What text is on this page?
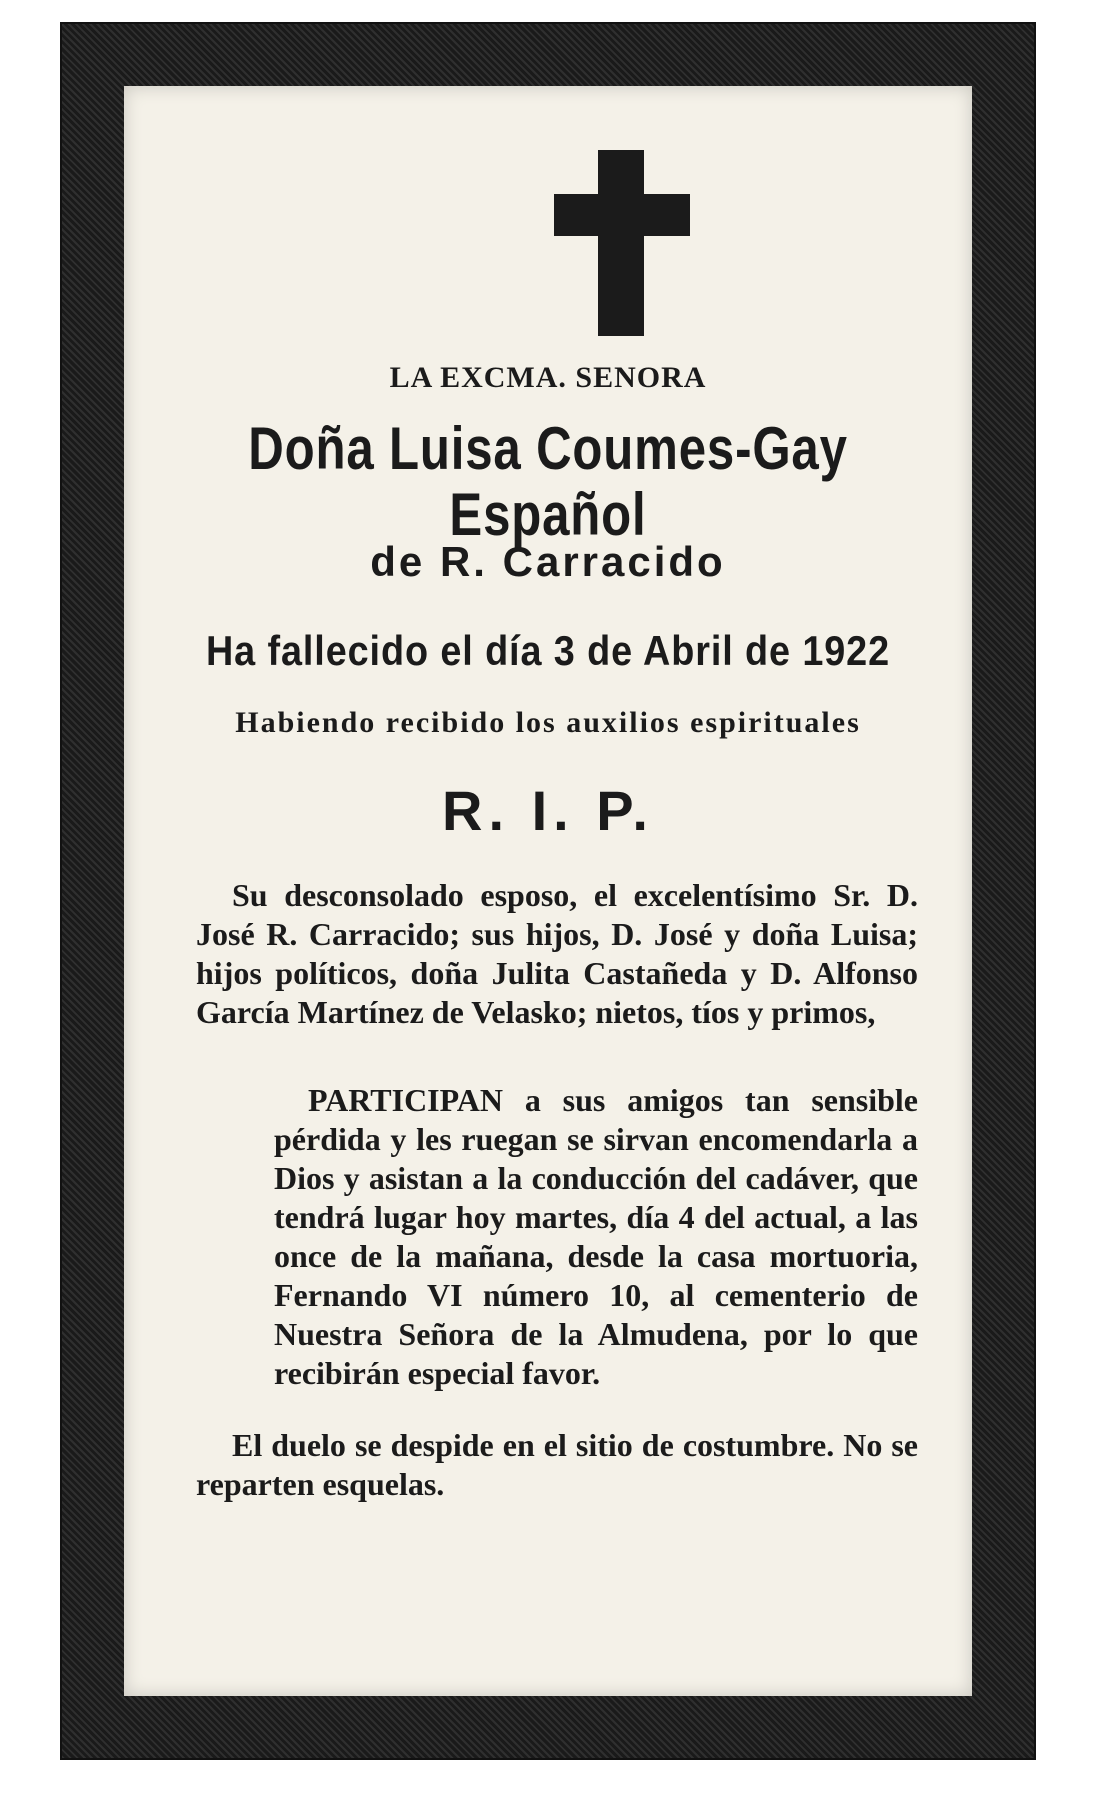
LA EXCMA. SENORA
Doña Luisa Coumes-Gay Español
de R. Carracido
Ha fallecido el día 3 de Abril de 1922
Habiendo recibido los auxilios espirituales
R. I. P.
Su desconsolado esposo, el excelentísimo Sr. D. José R. Carracido; sus hijos, D. José y doña Luisa; hijos políticos, doña Julita Castañeda y D. Alfonso García Martínez de Velasko; nietos, tíos y primos,
PARTICIPAN a sus amigos tan sensible pérdida y les ruegan se sirvan encomendarla a Dios y asistan a la conducción del cadáver, que tendrá lugar hoy martes, día 4 del actual, a las once de la mañana, desde la casa mortuoria, Fernando VI número 10, al cementerio de Nuestra Señora de la Almudena, por lo que recibirán especial favor.
El duelo se despide en el sitio de costumbre. No se reparten esquelas.
